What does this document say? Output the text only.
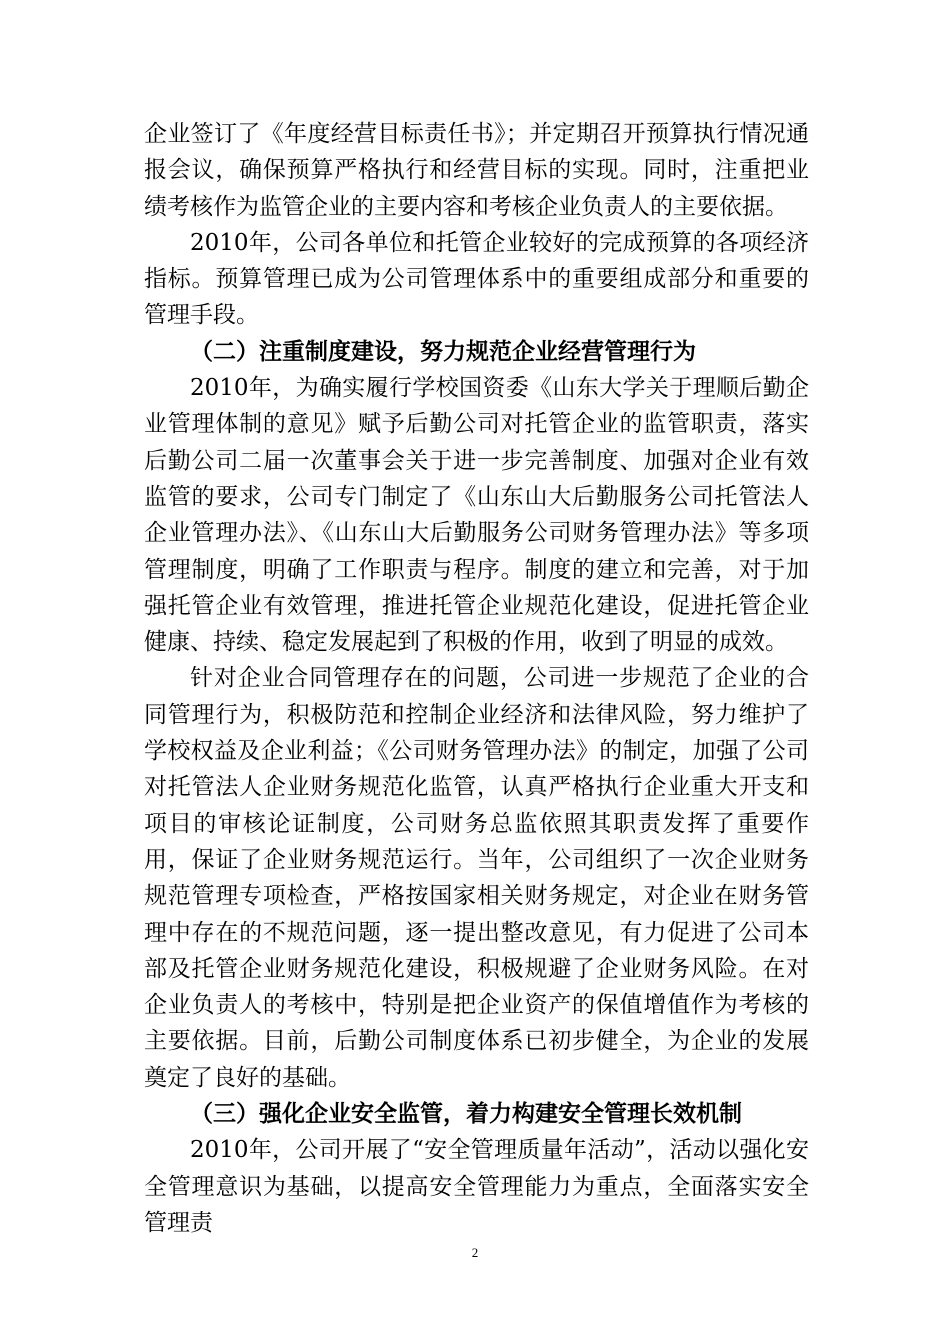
企业签订了《年度经营目标责任书》；并定期召开预算执行情况通报会议，确保预算严格执行和经营目标的实现。同时，注重把业绩考核作为监管企业的主要内容和考核企业负责人的主要依据。

2010年，公司各单位和托管企业较好的完成预算的各项经济指标。预算管理已成为公司管理体系中的重要组成部分和重要的管理手段。

（二）注重制度建设，努力规范企业经营管理行为

2010年，为确实履行学校国资委《山东大学关于理顺后勤企业管理体制的意见》赋予后勤公司对托管企业的监管职责，落实后勤公司二届一次董事会关于进一步完善制度、加强对企业有效监管的要求，公司专门制定了《山东山大后勤服务公司托管法人企业管理办法》、《山东山大后勤服务公司财务管理办法》等多项管理制度，明确了工作职责与程序。制度的建立和完善，对于加强托管企业有效管理，推进托管企业规范化建设，促进托管企业健康、持续、稳定发展起到了积极的作用，收到了明显的成效。

针对企业合同管理存在的问题，公司进一步规范了企业的合同管理行为，积极防范和控制企业经济和法律风险，努力维护了学校权益及企业利益；《公司财务管理办法》的制定，加强了公司对托管法人企业财务规范化监管，认真严格执行企业重大开支和项目的审核论证制度，公司财务总监依照其职责发挥了重要作用，保证了企业财务规范运行。当年，公司组织了一次企业财务规范管理专项检查，严格按国家相关财务规定，对企业在财务管理中存在的不规范问题，逐一提出整改意见，有力促进了公司本部及托管企业财务规范化建设，积极规避了企业财务风险。在对企业负责人的考核中，特别是把企业资产的保值增值作为考核的主要依据。目前，后勤公司制度体系已初步健全，为企业的发展奠定了良好的基础。

（三）强化企业安全监管，着力构建安全管理长效机制

2010年，公司开展了“安全管理质量年活动”，活动以强化安全管理意识为基础，以提高安全管理能力为重点，全面落实安全管理责

2
